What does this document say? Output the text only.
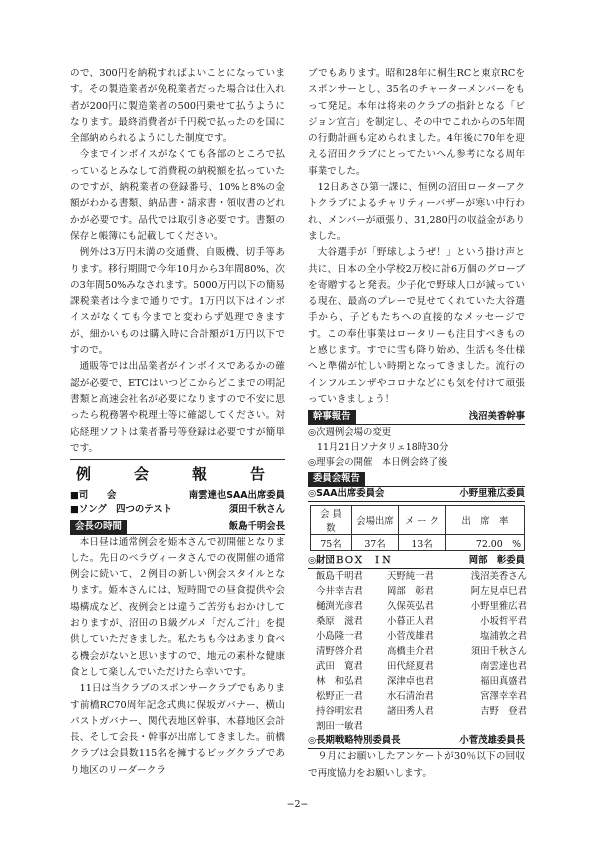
ので、300円を納税すればよいことになっています。その製造業者が免税業者だった場合は仕入れ者が200円に製造業者の500円乗せて払うようになります。最終消費者が千円税で払ったのを国に全部納められるようにした制度です。

今までインボイスがなくても各部のところで払っているとみなして消費税の納税額を払っていたのですが、納税業者の登録番号、10%と8%の金額がわかる書類、納品書・請求書・領収書のどれかが必要です。品代では取引き必要です。書類の保存と帳簿にも記載してください。

例外は3万円未満の交通費、自販機、切手等あります。移行期間で今年10月から3年間80%、次の3年間50%みなされます。5000万円以下の簡易課税業者は今まで通りです。1万円以下はインボイスがなくても今までと変わらず処理できますが、細かいものは購入時に合計額が1万円以下ですので。

通販等では出品業者がインボイスであるかの確認が必要で、ETCはいつどこからどこまでの明記書類と高速会社名が必要になりますので不安に思ったら税務署や税理士等に確認してください。対応経理ソフトは業者番号等登録は必要ですが簡単です。

例　会　報　告
■司　　会	南雲達也SAA出席委員
■ソング　四つのテスト	須田千秋さん
会長の時間	飯島千明会長

本日昼は通常例会を姫本さんで初開催となりました。先日のベラヴィータさんでの夜開催の通常例会に続いて、２例目の新しい例会スタイルとなります。姫本さんには、短時間での昼食提供や会場構成など、夜例会とは違うご苦労もおかけしておりますが、沼田のＢ級グルメ「だんご汁」を提供していただきました。私たちも今はあまり食べる機会がないと思いますので、地元の素朴な健康食として楽しんでいただけたら幸いです。

11日は当クラブのスポンサークラブでもあります前橋RC70周年記念式典に保坂ガバナー、横山パストガバナー、関代表地区幹事、木暮地区会計長、そして会長・幹事が出席してきました。前橋クラブは会員数115名を擁するビッグクラブであり地区のリーダークラ

ブでもあります。昭和28年に桐生RCと東京RCをスポンサーとし、35名のチャーターメンバーをもって発足。本年は将来のクラブの指針となる「ビジョン宣言」を制定し、その中でこれからの5年間の行動計画も定められました。4年後に70年を迎える沼田クラブにとってたいへん参考になる周年事業でした。

12日あさひ第一課に、恒例の沼田ローターアクトクラブによるチャリティーバザーが寒い中行われ、メンバーが頑張り、31,280円の収益金がありました。

大谷選手が「野球しようぜ！」という掛け声と共に、日本の全小学校2万校に計6万個のグローブを寄贈すると発表。少子化で野球人口が減っている現在、最高のプレーで見せてくれていた大谷選手から、子どもたちへの直接的なメッセージです。この奉仕事業はロータリーも注目すべきものと感じます。すでに雪も降り始め、生活も冬仕様へと準備が忙しい時期となってきました。流行のインフルエンザやコロナなどにも気を付けて頑張っていきましょう！

幹事報告	浅沼美香幹事
◎次週例会場の変更
11月21日ソナタリェ18時30分
◎理事会の開催　本日例会終了後
委員会報告
◎SAA出席委員会	小野里雅広委員
会 員 数	会場出席	メ ー ク	出　席　率
75名	37名	13名	72.00　%
◎財団ＢＯＸ　ＩＮ	岡部　彰委員
飯島千明君	天野純一君	浅沼美香さん
今井幸吉君	岡部　彰君	阿左見卓巳君
樋渕光彦君	久保英弘君	小野里雅広君
桑原　滋君	小暮正人君	小坂哲平君
小島隆一君	小菅茂雄君	塩浦敦之君
清野啓介君	高橋圭介君	須田千秋さん
武田　寛君	田代経夏君	南雲達也君
林　和弘君	深津卓也君	福田真盛君
松野正一君	水石清治君	宮澤幸幸君
持谷明宏君	諸田秀人君	吉野　登君
割田一敏君
◎長期戦略特別委員長	小菅茂雄委員長

９月にお願いしたアンケートが30％以下の回収で再度協力をお願いします。

−2−
